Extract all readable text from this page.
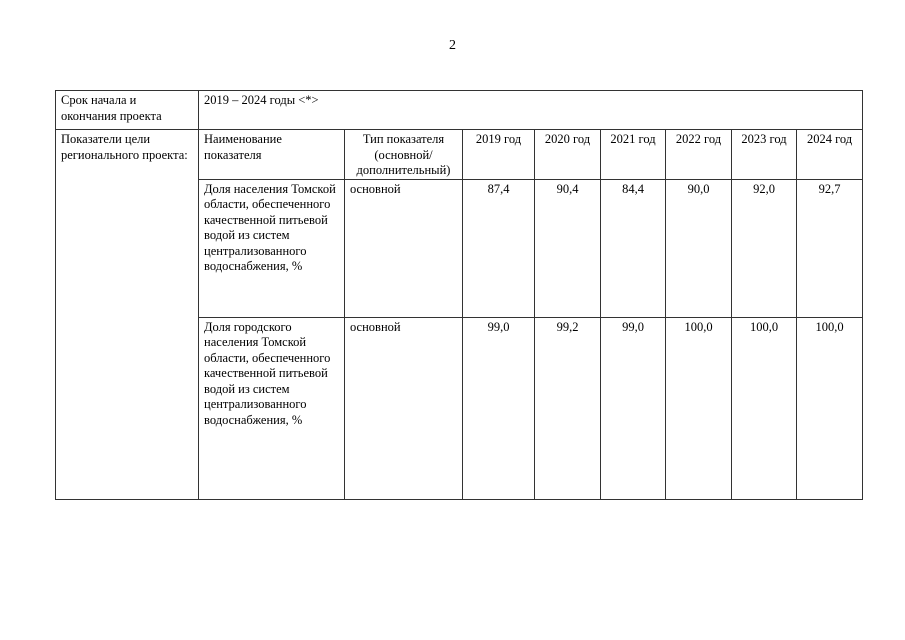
2
Срок начала и окончания проекта	2019 – 2024 годы <*>							
Показатели цели регионального проекта:	Наименование показателя	Тип показателя (основной/ дополнительный)	2019 год	2020 год	2021 год	2022 год	2023 год	2024 год
	Доля населения Томской области, обеспеченного качественной питьевой водой из систем централизованного водоснабжения, %	основной	87,4	90,4	84,4	90,0	92,0	92,7
	Доля городского населения Томской области, обеспеченного качественной питьевой водой из систем централизованного водоснабжения, %	основной	99,0	99,2	99,0	100,0	100,0	100,0
